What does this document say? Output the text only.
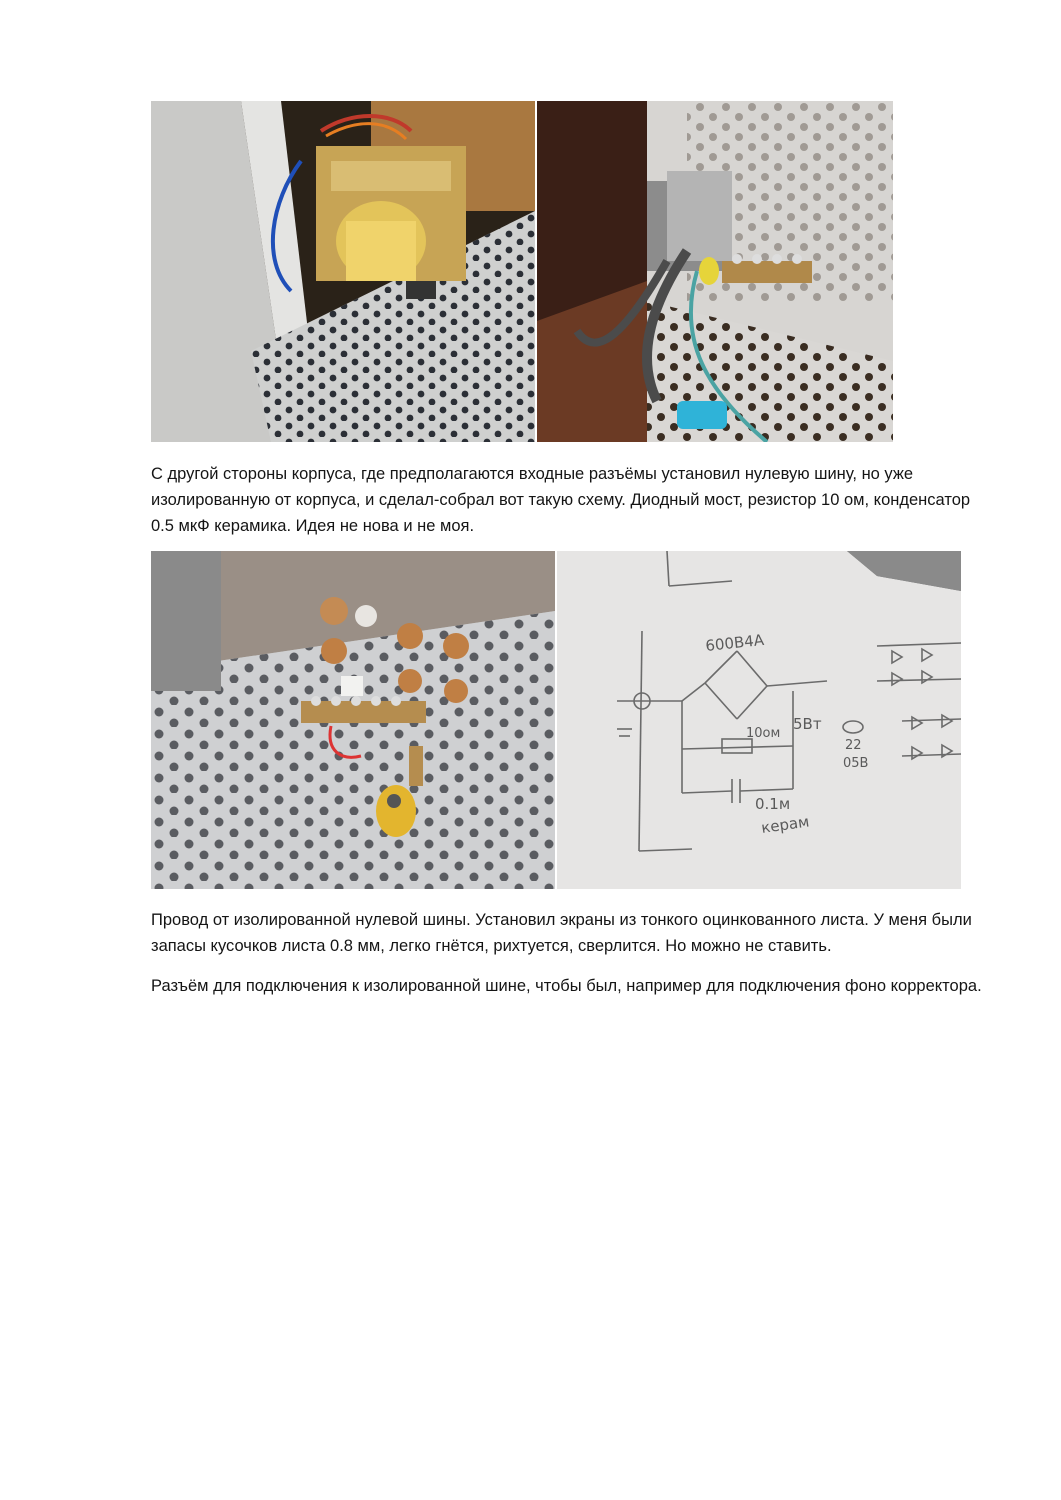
С другой стороны корпуса, где предполагаются входные разъёмы установил нулевую шину, но уже изолированную от корпуса, и сделал-собрал вот такую схему. Диодный мост, резистор 10 ом, конденсатор 0.5 мкФ керамика. Идея не нова и не моя.
600В4А
10ом
5Вт
0.1м
керам
22
05В
Провод от изолированной нулевой шины. Установил экраны из тонкого оцинкованного листа. У меня были запасы кусочков листа 0.8 мм, легко гнётся, рихтуется, сверлится. Но можно не ставить.
Разъём для подключения к изолированной шине, чтобы был, например для подключения фоно корректора.
